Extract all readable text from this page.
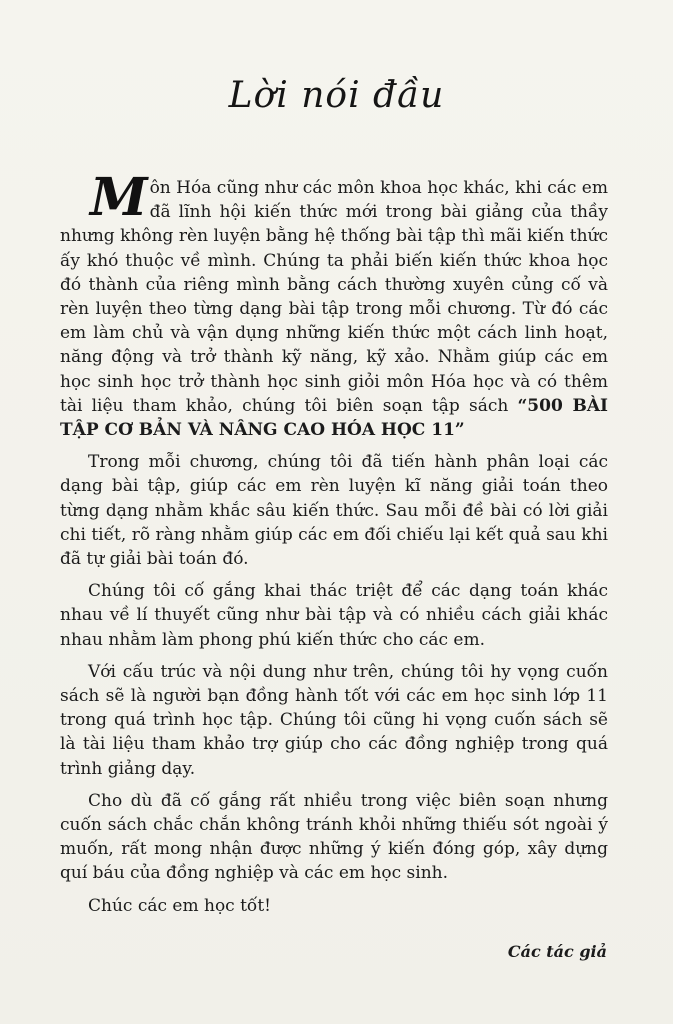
Lời nói đầu

Môn Hóa cũng như các môn khoa học khác, khi các em đã lĩnh hội kiến thức mới trong bài giảng của thầy nhưng không rèn luyện bằng hệ thống bài tập thì mãi kiến thức ấy khó thuộc về mình. Chúng ta phải biến kiến thức khoa học đó thành của riêng mình bằng cách thường xuyên củng cố và rèn luyện theo từng dạng bài tập trong mỗi chương. Từ đó các em làm chủ và vận dụng những kiến thức một cách linh hoạt, năng động và trở thành kỹ năng, kỹ xảo. Nhằm giúp các em học sinh học trở thành học sinh giỏi môn Hóa học và có thêm tài liệu tham khảo, chúng tôi biên soạn tập sách “500 BÀI TẬP CƠ BẢN VÀ NÂNG CAO HÓA HỌC 11”

Trong mỗi chương, chúng tôi đã tiến hành phân loại các dạng bài tập, giúp các em rèn luyện kĩ năng giải toán theo từng dạng nhằm khắc sâu kiến thức. Sau mỗi đề bài có lời giải chi tiết, rõ ràng nhằm giúp các em đối chiếu lại kết quả sau khi đã tự giải bài toán đó.

Chúng tôi cố gắng khai thác triệt để các dạng toán khác nhau về lí thuyết cũng như bài tập và có nhiều cách giải khác nhau nhằm làm phong phú kiến thức cho các em.

Với cấu trúc và nội dung như trên, chúng tôi hy vọng cuốn sách sẽ là người bạn đồng hành tốt với các em học sinh lớp 11 trong quá trình học tập. Chúng tôi cũng hi vọng cuốn sách sẽ là tài liệu tham khảo trợ giúp cho các đồng nghiệp trong quá trình giảng dạy.

Cho dù đã cố gắng rất nhiều trong việc biên soạn nhưng cuốn sách chắc chắn không tránh khỏi những thiếu sót ngoài ý muốn, rất mong nhận được những ý kiến đóng góp, xây dựng quí báu của đồng nghiệp và các em học sinh.

Chúc các em học tốt!

Các tác giả
